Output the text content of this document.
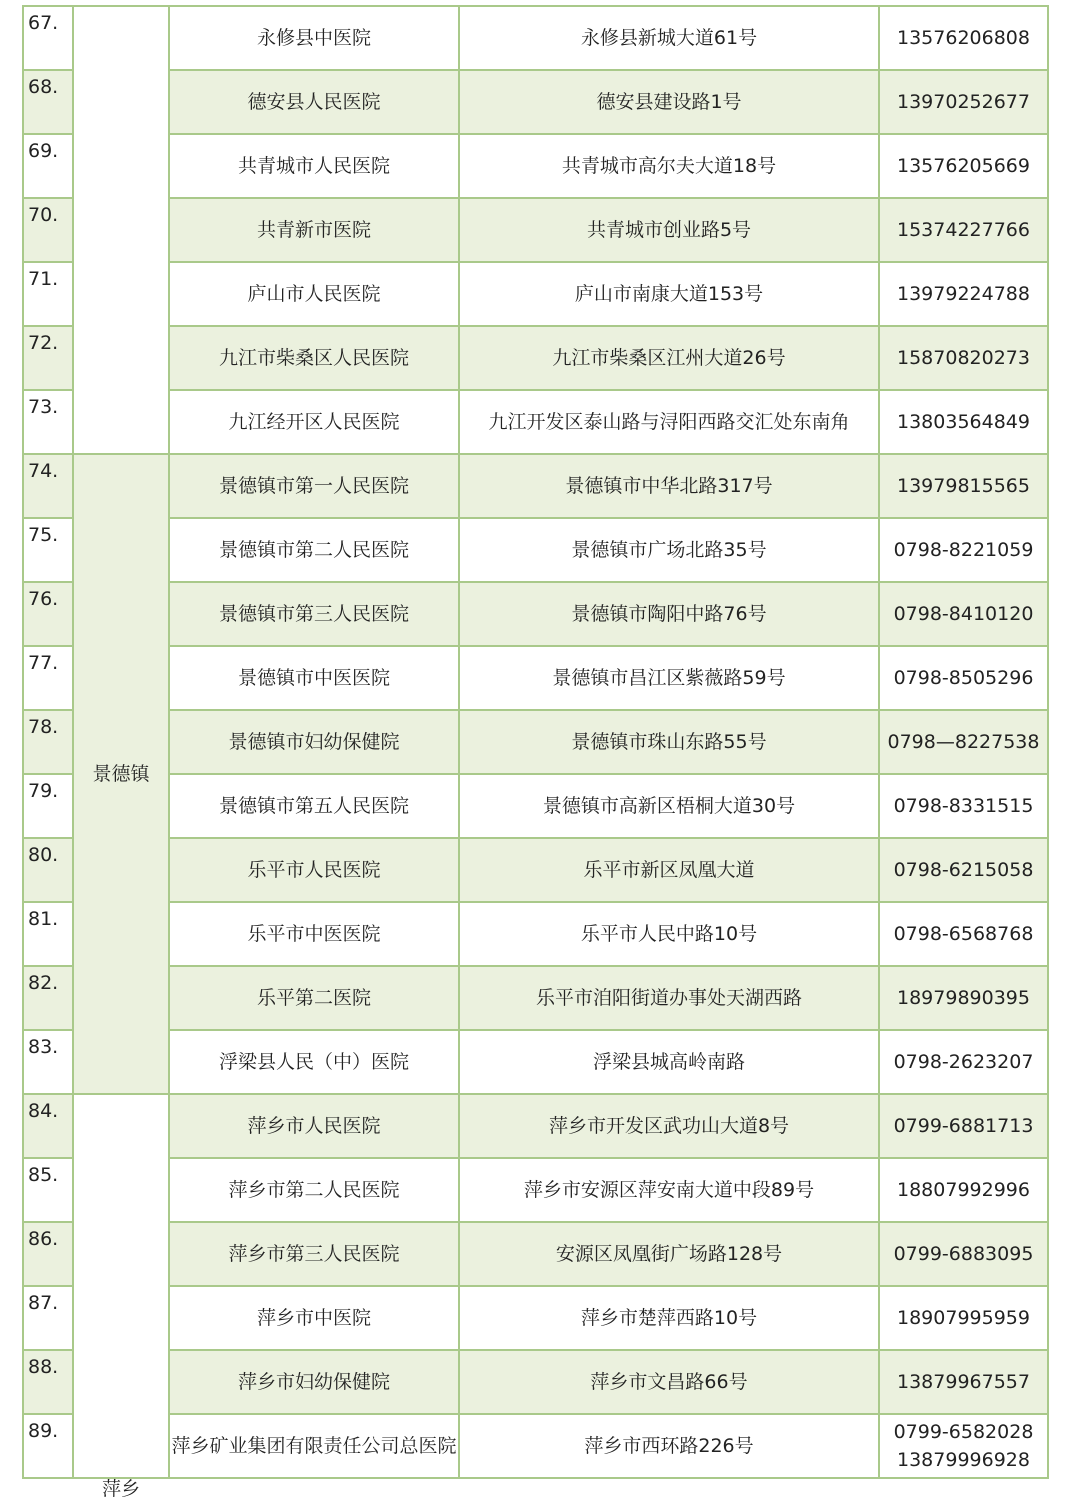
67.		永修县中医院	永修县新城大道61号	13576206808
68.		德安县人民医院	德安县建设路1号	13970252677
69.		共青城市人民医院	共青城市高尔夫大道18号	13576205669
70.		共青新市医院	共青城市创业路5号	15374227766
71.		庐山市人民医院	庐山市南康大道153号	13979224788
72.		九江市柴桑区人民医院	九江市柴桑区江州大道26号	15870820273
73.		九江经开区人民医院	九江开发区泰山路与浔阳西路交汇处东南角	13803564849
74.	景德镇	景德镇市第一人民医院	景德镇市中华北路317号	13979815565
75.		景德镇市第二人民医院	景德镇市广场北路35号	0798-8221059
76.		景德镇市第三人民医院	景德镇市陶阳中路76号	0798-8410120
77.		景德镇市中医医院	景德镇市昌江区紫薇路59号	0798-8505296
78.		景德镇市妇幼保健院	景德镇市珠山东路55号	0798—8227538
79.		景德镇市第五人民医院	景德镇市高新区梧桐大道30号	0798-8331515
80.		乐平市人民医院	乐平市新区凤凰大道	0798-6215058
81.		乐平市中医医院	乐平市人民中路10号	0798-6568768
82.		乐平第二医院	乐平市洎阳街道办事处天湖西路	18979890395
83.		浮梁县人民（中）医院	浮梁县城高岭南路	0798-2623207
84.	萍乡	萍乡市人民医院	萍乡市开发区武功山大道8号	0799-6881713
85.		萍乡市第二人民医院	萍乡市安源区萍安南大道中段89号	18807992996
86.		萍乡市第三人民医院	安源区凤凰街广场路128号	0799-6883095
87.		萍乡市中医院	萍乡市楚萍西路10号	18907995959
88.		萍乡市妇幼保健院	萍乡市文昌路66号	13879967557
89.		萍乡矿业集团有限责任公司总医院	萍乡市西环路226号	0799-6582028 13879996928
